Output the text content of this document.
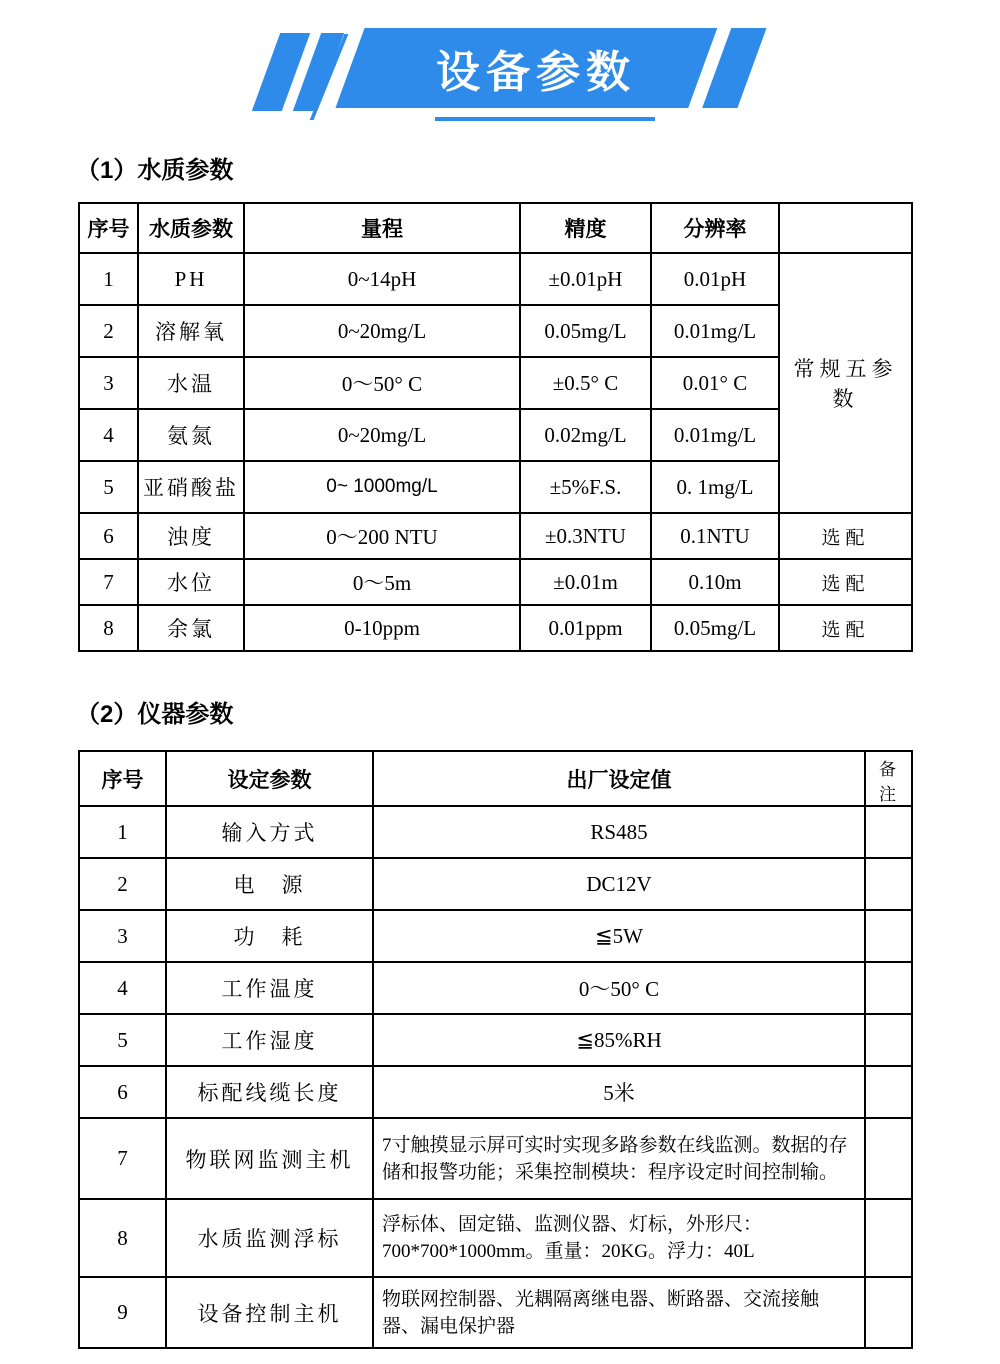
设备参数
（1）水质参数
序号	水质参数	量程	精度	分辨率	
1	PH	0~14pH	±0.01pH	0.01pH	常规五参数
2	溶解氧	0~20mg/L	0.05mg/L	0.01mg/L	
3	水温	0～50° C	±0.5° C	0.01° C	
4	氨氮	0~20mg/L	0.02mg/L	0.01mg/L	
5	亚硝酸盐	0~ 1000mg/L	±5%F.S.	0. 1mg/L	
6	浊度	0～200 NTU	±0.3NTU	0.1NTU	选配
7	水位	0～5m	±0.01m	0.10m	选配
8	余氯	0-10ppm	0.01ppm	0.05mg/L	选配
（2）仪器参数
序号	设定参数	出厂设定值	备注
1	输入方式	RS485	
2	电　源	DC12V	
3	功　耗	≦5W	
4	工作温度	0～50° C	
5	工作湿度	≦85%RH	
6	标配线缆长度	5米	
7	物联网监测主机	7寸触摸显示屏可实时实现多路参数在线监测。数据的存储和报警功能；采集控制模块：程序设定时间控制输。	
8	水质监测浮标	浮标体、固定锚、监测仪器、灯标，外形尺：700*700*1000mm。重量：20KG。浮力：40L	
9	设备控制主机	物联网控制器、光耦隔离继电器、断路器、交流接触器、漏电保护器	
